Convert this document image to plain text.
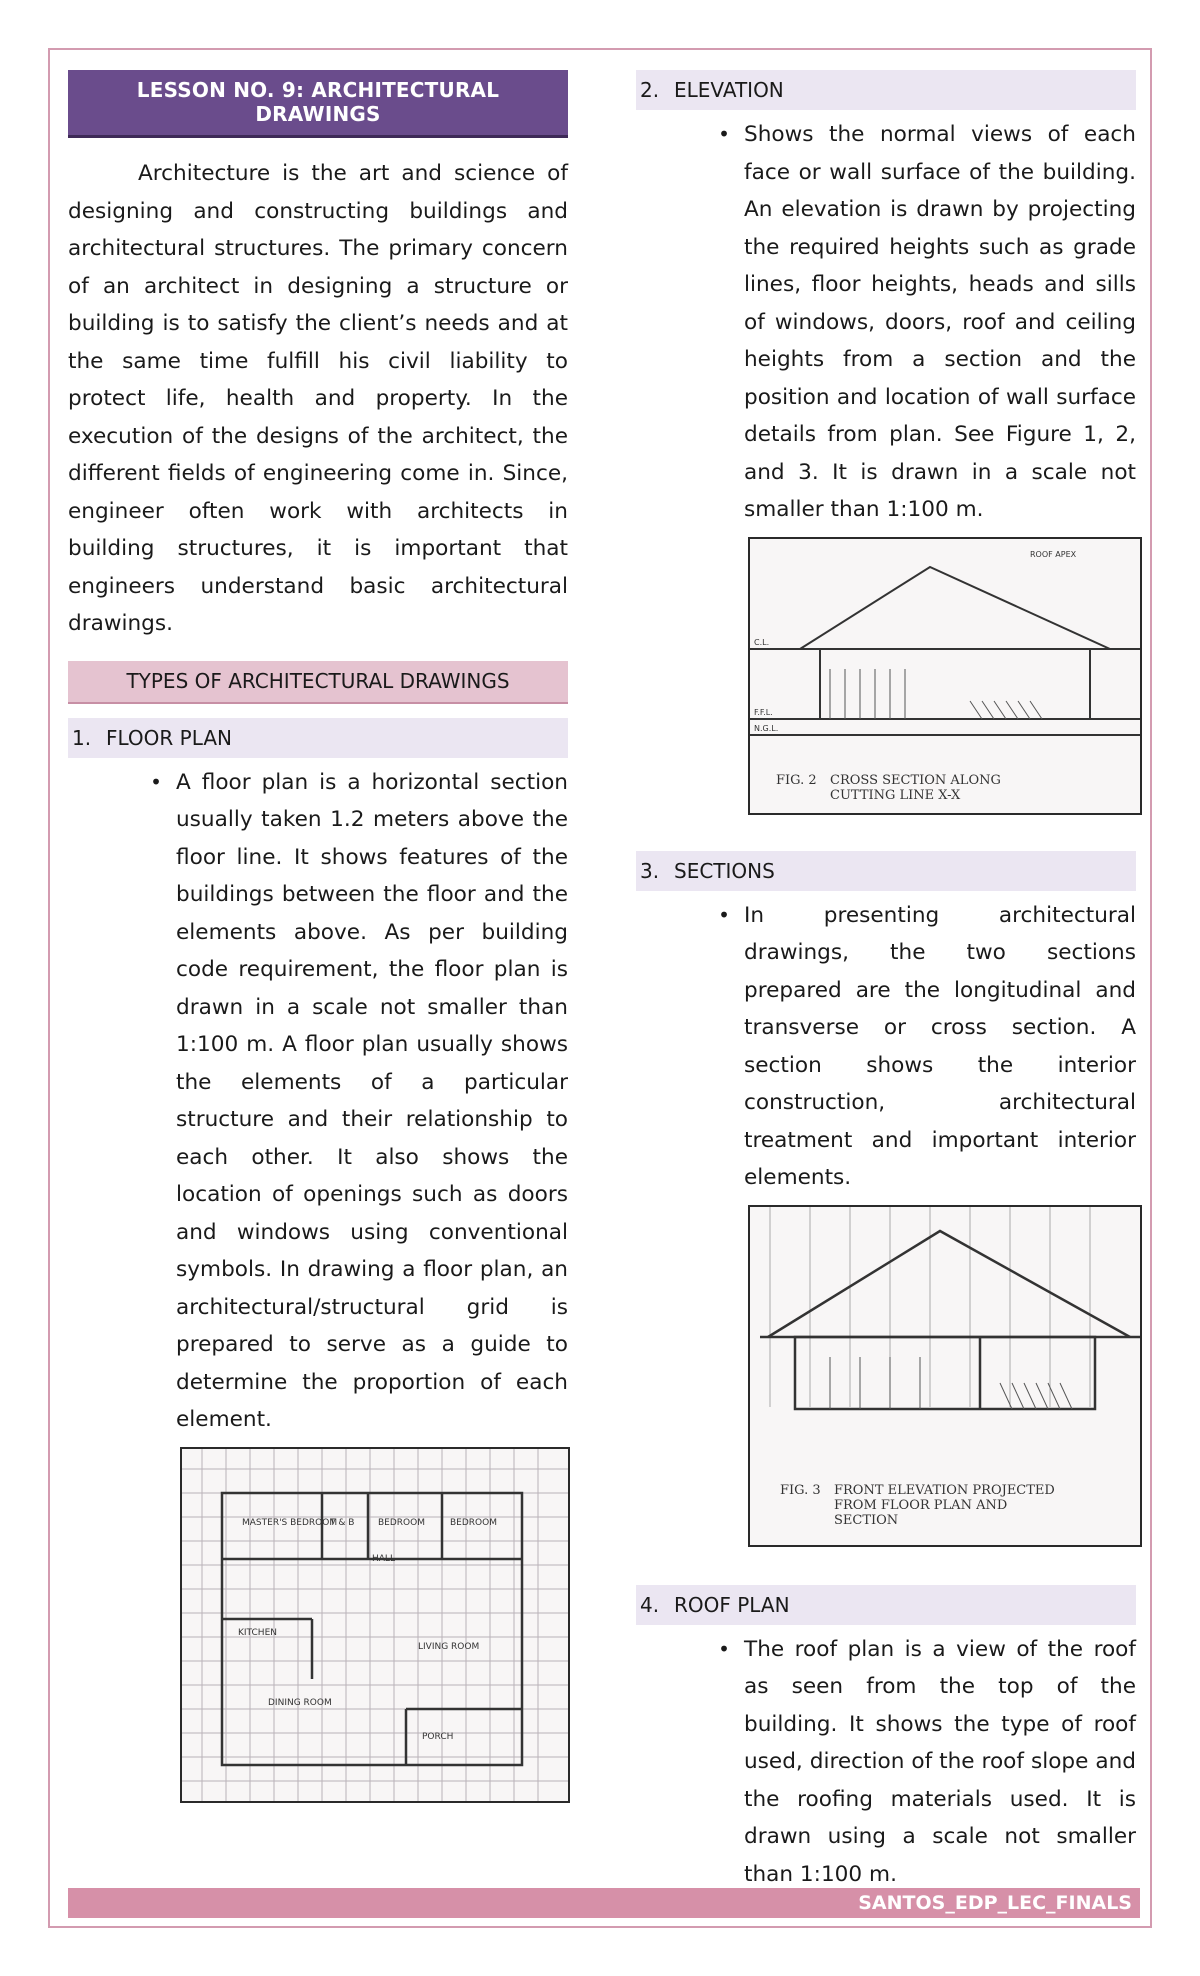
LESSON NO. 9: ARCHITECTURAL DRAWINGS

Architecture is the art and science of designing and constructing buildings and architectural structures. The primary concern of an architect in designing a structure or building is to satisfy the client’s needs and at the same time fulfill his civil liability to protect life, health and property. In the execution of the designs of the architect, the different fields of engineering come in. Since, engineer often work with architects in building structures, it is important that engineers understand basic architectural drawings.

TYPES OF ARCHITECTURAL DRAWINGS
1. FLOOR PLAN
• A floor plan is a horizontal section usually taken 1.2 meters above the floor line. It shows features of the buildings between the floor and the elements above. As per building code requirement, the floor plan is drawn in a scale not smaller than 1:100 m. A floor plan usually shows the elements of a particular structure and their relationship to each other. It also shows the location of openings such as doors and windows using conventional symbols. In drawing a floor plan, an architectural/structural grid is prepared to serve as a guide to determine the proportion of each element.
MASTER'S BEDROOM
T & B	BEDROOM	BEDROOM
HALL
KITCHEN
LIVING ROOM
DINING ROOM
PORCH
2. ELEVATION
• Shows the normal views of each face or wall surface of the building. An elevation is drawn by projecting the required heights such as grade lines, floor heights, heads and sills of windows, doors, roof and ceiling heights from a section and the position and location of wall surface details from plan. See Figure 1, 2, and 3. It is drawn in a scale not smaller than 1:100 m.
ROOF APEX
C.L.
F.F.L.
N.G.L.
FIG. 2 CROSS SECTION ALONG CUTTING LINE X-X
3. SECTIONS
• In presenting architectural drawings, the two sections prepared are the longitudinal and transverse or cross section. A section shows the interior construction, architectural treatment and important interior elements.
FIG. 3 FRONT ELEVATION PROJECTED FROM FLOOR PLAN AND SECTION
4. ROOF PLAN
• The roof plan is a view of the roof as seen from the top of the building. It shows the type of roof used, direction of the roof slope and the roofing materials used. It is drawn using a scale not smaller than 1:100 m.
SANTOS_EDP_LEC_FINALS
